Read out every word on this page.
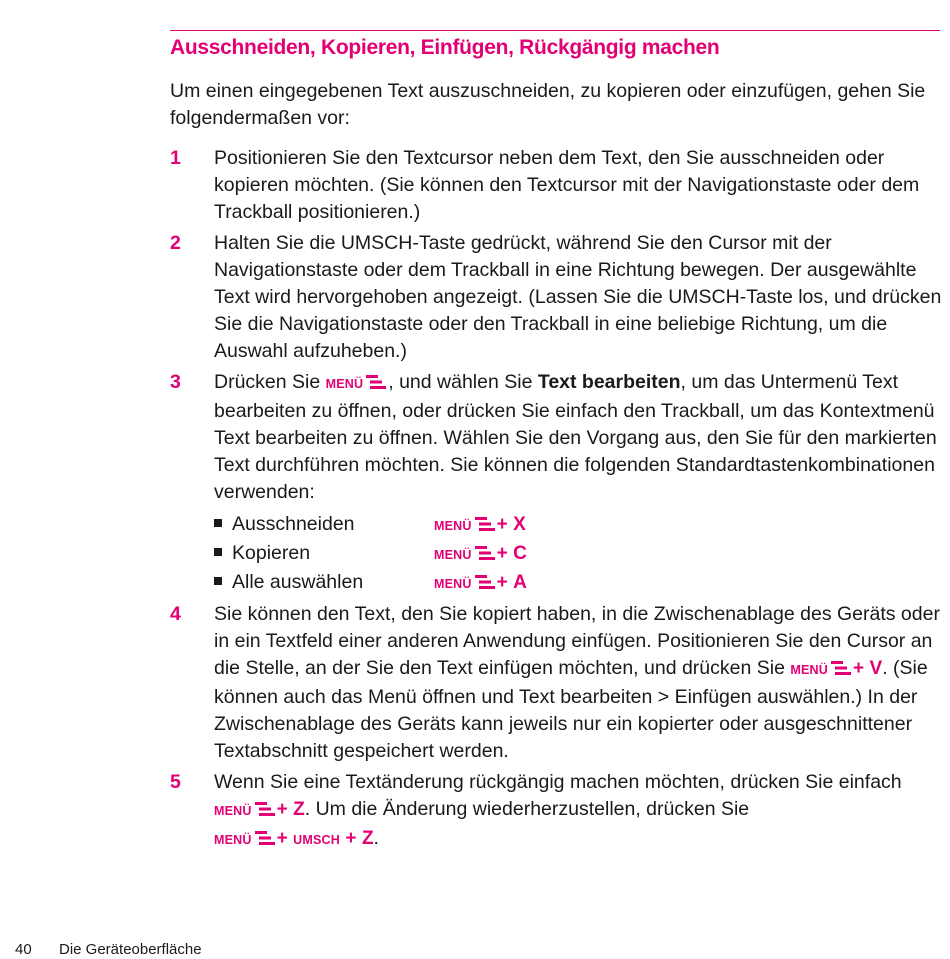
Ausschneiden, Kopieren, Einfügen, Rückgängig machen

Um einen eingegebenen Text auszuschneiden, zu kopieren oder einzufügen, gehen Sie folgendermaßen vor:

1 Positionieren Sie den Textcursor neben dem Text, den Sie ausschneiden oder kopieren möchten. (Sie können den Textcursor mit der Navigationstaste oder dem Trackball positionieren.)
2 Halten Sie die UMSCH-Taste gedrückt, während Sie den Cursor mit der Navigationstaste oder dem Trackball in eine Richtung bewegen. Der ausgewählte Text wird hervorgehoben angezeigt. (Lassen Sie die UMSCH-Taste los, und drücken Sie die Navigationstaste oder den Trackball in eine beliebige Richtung, um die Auswahl aufzuheben.)
3 Drücken Sie MENÜ , und wählen Sie Text bearbeiten, um das Untermenü Text bearbeiten zu öffnen, oder drücken Sie einfach den Trackball, um das Kontextmenü Text bearbeiten zu öffnen. Wählen Sie den Vorgang aus, den Sie für den markierten Text durchführen möchten. Sie können die folgenden Standardtastenkombinationen verwenden:
Ausschneiden	MENÜ + X
Kopieren	MENÜ + C
Alle auswählen	MENÜ + A
4 Sie können den Text, den Sie kopiert haben, in die Zwischenablage des Geräts oder in ein Textfeld einer anderen Anwendung einfügen. Positionieren Sie den Cursor an die Stelle, an der Sie den Text einfügen möchten, und drücken Sie MENÜ + V. (Sie können auch das Menü öffnen und Text bearbeiten > Einfügen auswählen.) In der Zwischenablage des Geräts kann jeweils nur ein kopierter oder ausgeschnittener Textabschnitt gespeichert werden.
5 Wenn Sie eine Textänderung rückgängig machen möchten, drücken Sie einfach MENÜ + Z. Um die Änderung wiederherzustellen, drücken Sie
MENÜ + UMSCH + Z.
40 Die Geräteoberfläche
